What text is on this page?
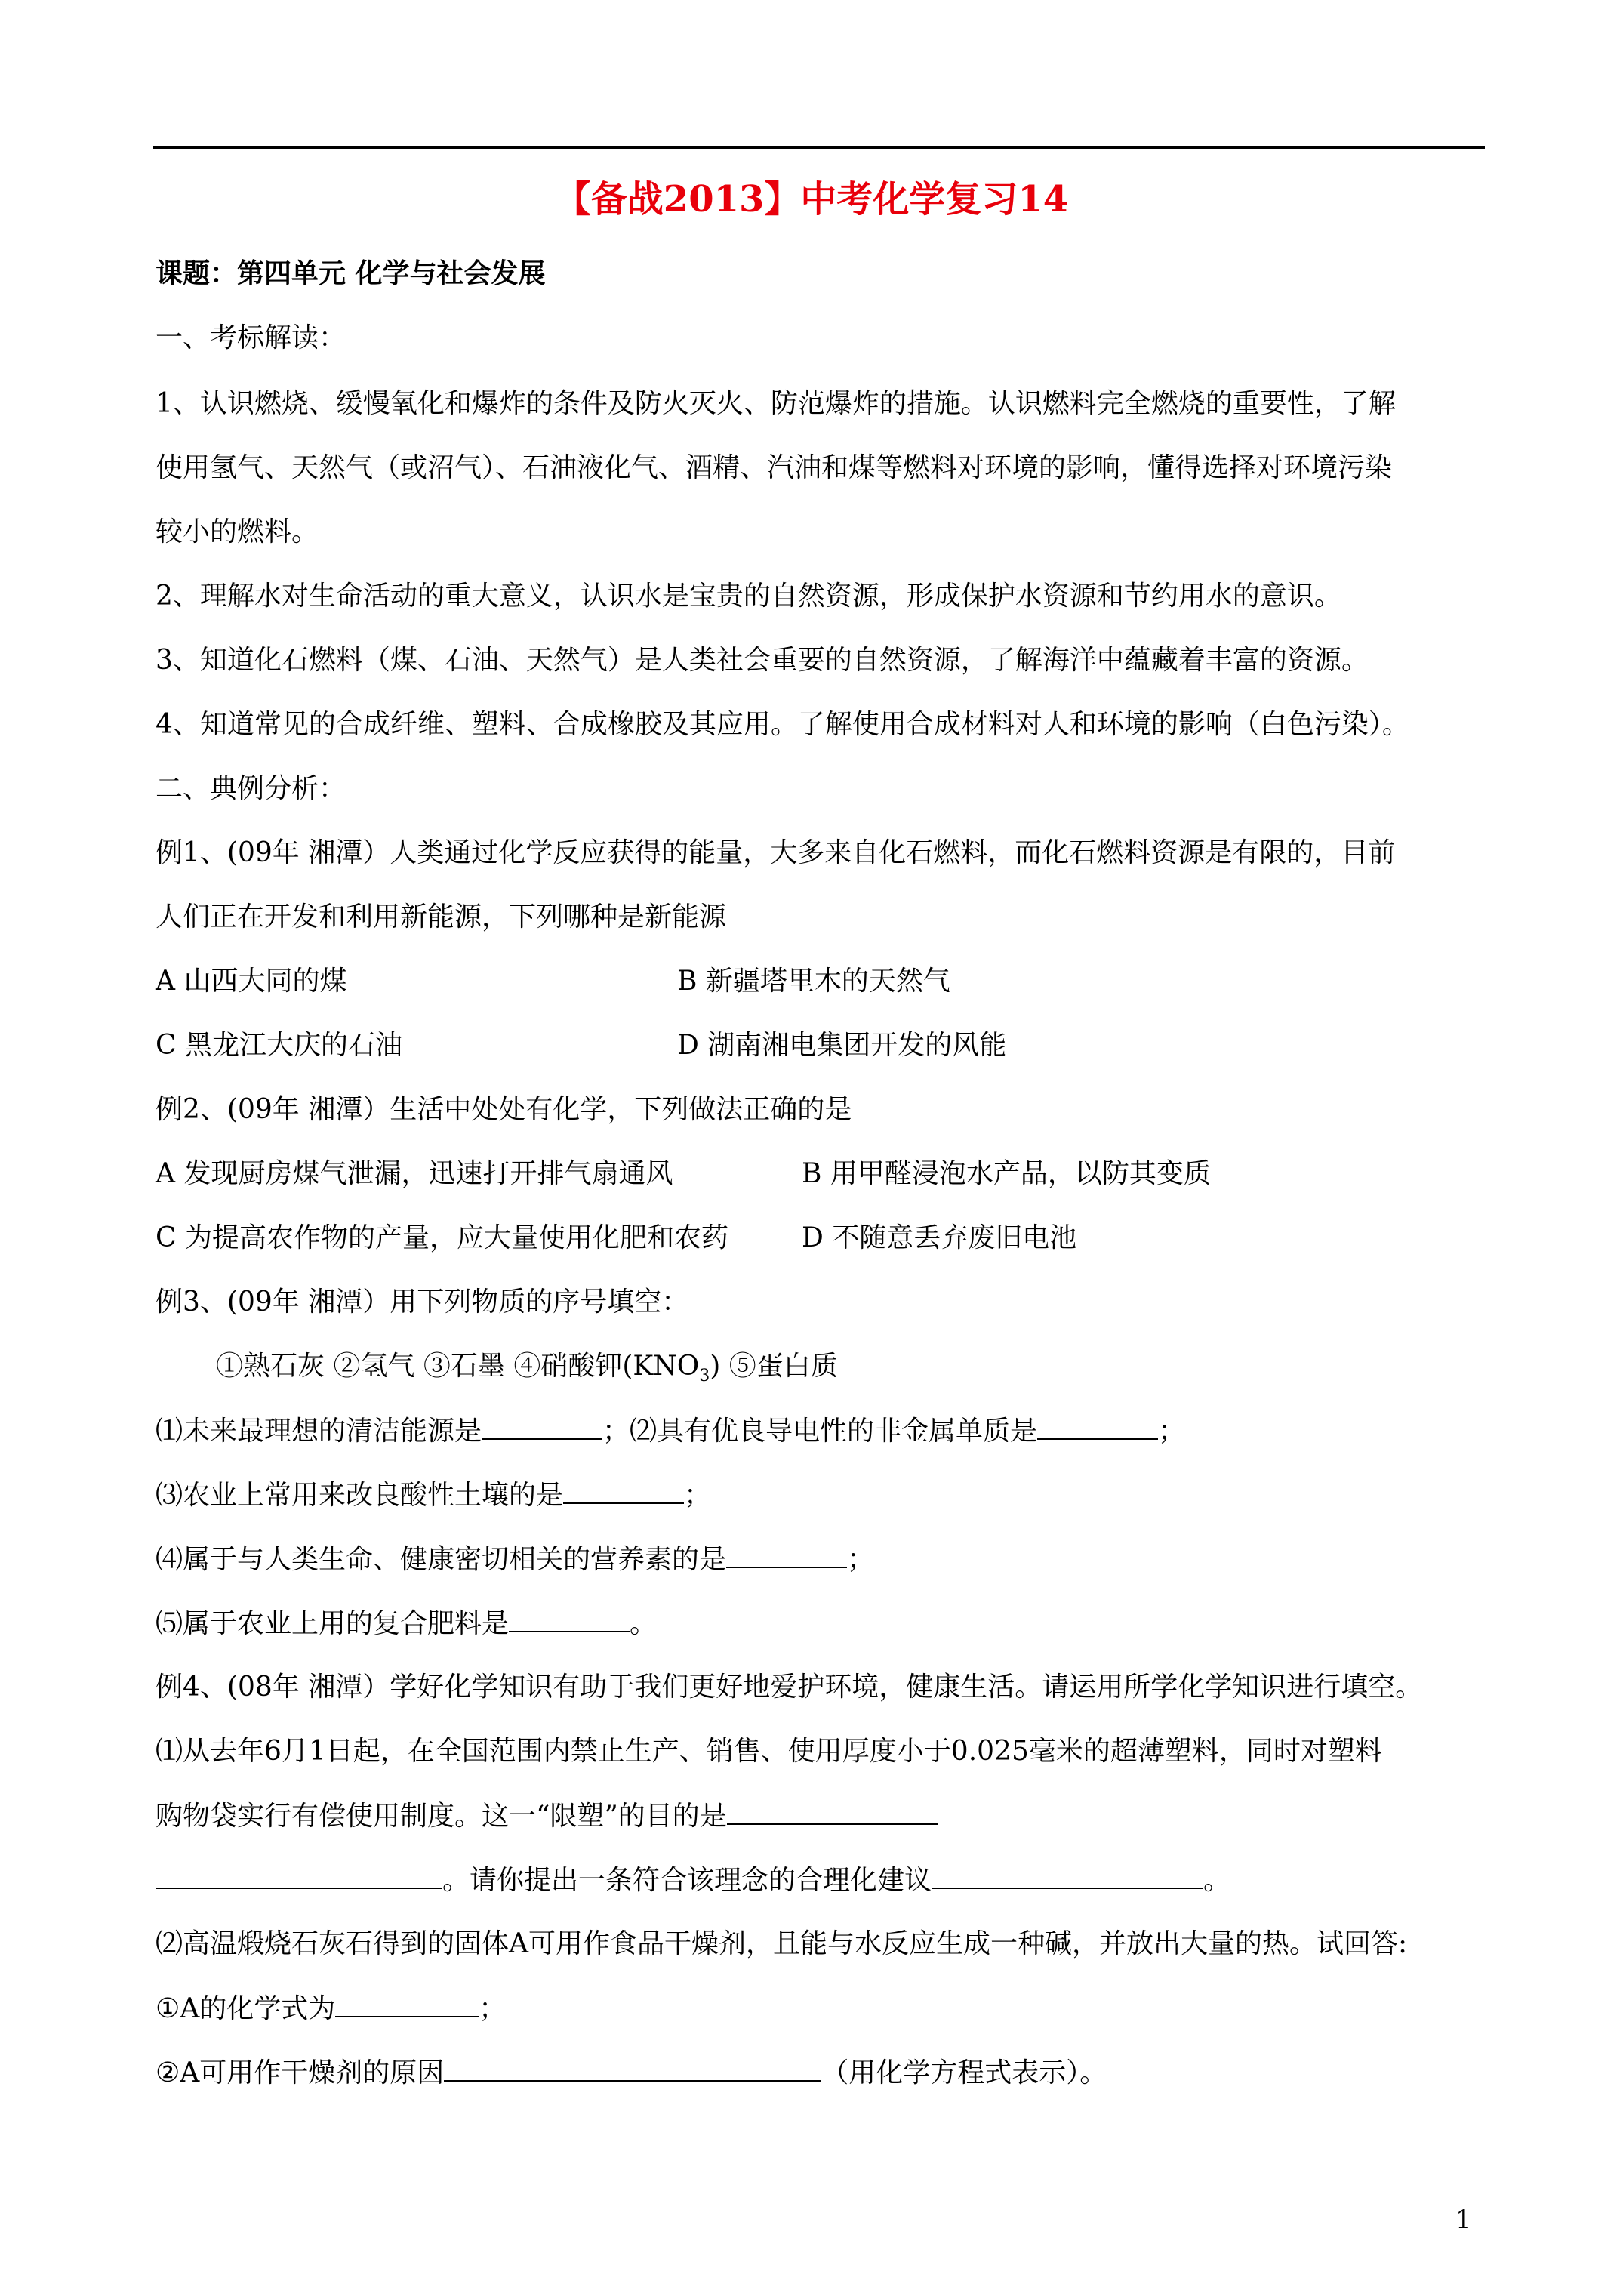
【备战2013】中考化学复习14
课题：第四单元 化学与社会发展
一、考标解读：
1、认识燃烧、缓慢氧化和爆炸的条件及防火灭火、防范爆炸的措施。认识燃料完全燃烧的重要性，了解
使用氢气、天然气（或沼气）、石油液化气、酒精、汽油和煤等燃料对环境的影响，懂得选择对环境污染
较小的燃料。
2、理解水对生命活动的重大意义，认识水是宝贵的自然资源，形成保护水资源和节约用水的意识。
3、知道化石燃料（煤、石油、天然气）是人类社会重要的自然资源，了解海洋中蕴藏着丰富的资源。
4、知道常见的合成纤维、塑料、合成橡胶及其应用。了解使用合成材料对人和环境的影响（白色污染）。
二、典例分析：
例1、(09年 湘潭）人类通过化学反应获得的能量，大多来自化石燃料，而化石燃料资源是有限的，目前
人们正在开发和利用新能源，下列哪种是新能源
A 山西大同的煤	B 新疆塔里木的天然气
C 黑龙江大庆的石油	D 湖南湘电集团开发的风能
例2、(09年 湘潭）生活中处处有化学，下列做法正确的是
A 发现厨房煤气泄漏，迅速打开排气扇通风	B 用甲醛浸泡水产品，以防其变质
C 为提高农作物的产量，应大量使用化肥和农药	D 不随意丢弃废旧电池
例3、(09年 湘潭）用下列物质的序号填空：
①熟石灰 ②氢气 ③石墨 ④硝酸钾$(KNO_3)$ ⑤蛋白质
⑴未来最理想的清洁能源是	；⑵具有优良导电性的非金属单质是	；
⑶农业上常用来改良酸性土壤的是	；
⑷属于与人类生命、健康密切相关的营养素的是	；
⑸属于农业上用的复合肥料是	。
例4、(08年 湘潭）学好化学知识有助于我们更好地爱护环境，健康生活。请运用所学化学知识进行填空。
⑴从去年6月1日起，在全国范围内禁止生产、销售、使用厚度小于0.025毫米的超薄塑料，同时对塑料
购物袋实行有偿使用制度。这一“限塑”的目的是
。请你提出一条符合该理念的合理化建议	。
⑵高温煅烧石灰石得到的固体A可用作食品干燥剂，且能与水反应生成一种碱，并放出大量的热。试回答:
①A的化学式为	；
②A可用作干燥剂的原因	（用化学方程式表示）。
1
